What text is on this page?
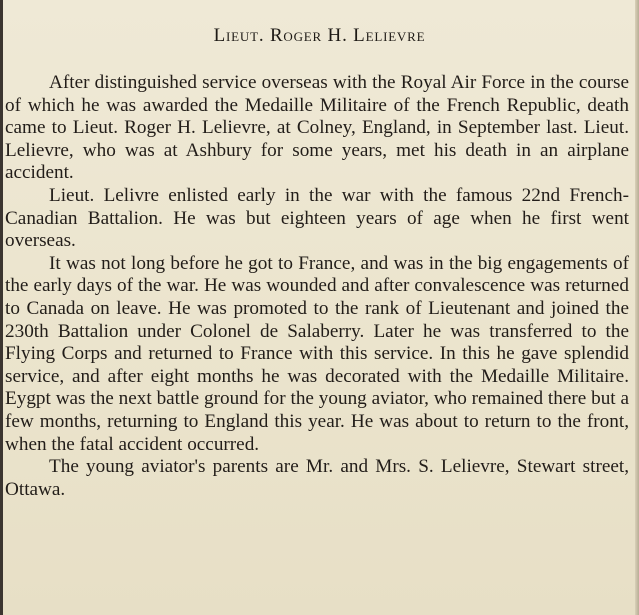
Lieut. Roger H. Lelievre

After distinguished service overseas with the Royal Air Force in the course of which he was awarded the Medaille Militaire of the French Republic, death came to Lieut. Roger H. Lelievre, at Colney, England, in September last. Lieut. Lelievre, who was at Ashbury for some years, met his death in an airplane accident.

Lieut. Lelivre enlisted early in the war with the famous 22nd French-Canadian Battalion. He was but eighteen years of age when he first went overseas.

It was not long before he got to France, and was in the big engagements of the early days of the war. He was wounded and after convalescence was returned to Canada on leave. He was promoted to the rank of Lieutenant and joined the 230th Battalion under Colonel de Salaberry. Later he was transferred to the Flying Corps and returned to France with this service. In this he gave splendid service, and after eight months he was decorated with the Medaille Militaire. Eygpt was the next battle ground for the young aviator, who remained there but a few months, returning to England this year. He was about to return to the front, when the fatal accident occurred.

The young aviator's parents are Mr. and Mrs. S. Lelievre, Stewart street, Ottawa.
